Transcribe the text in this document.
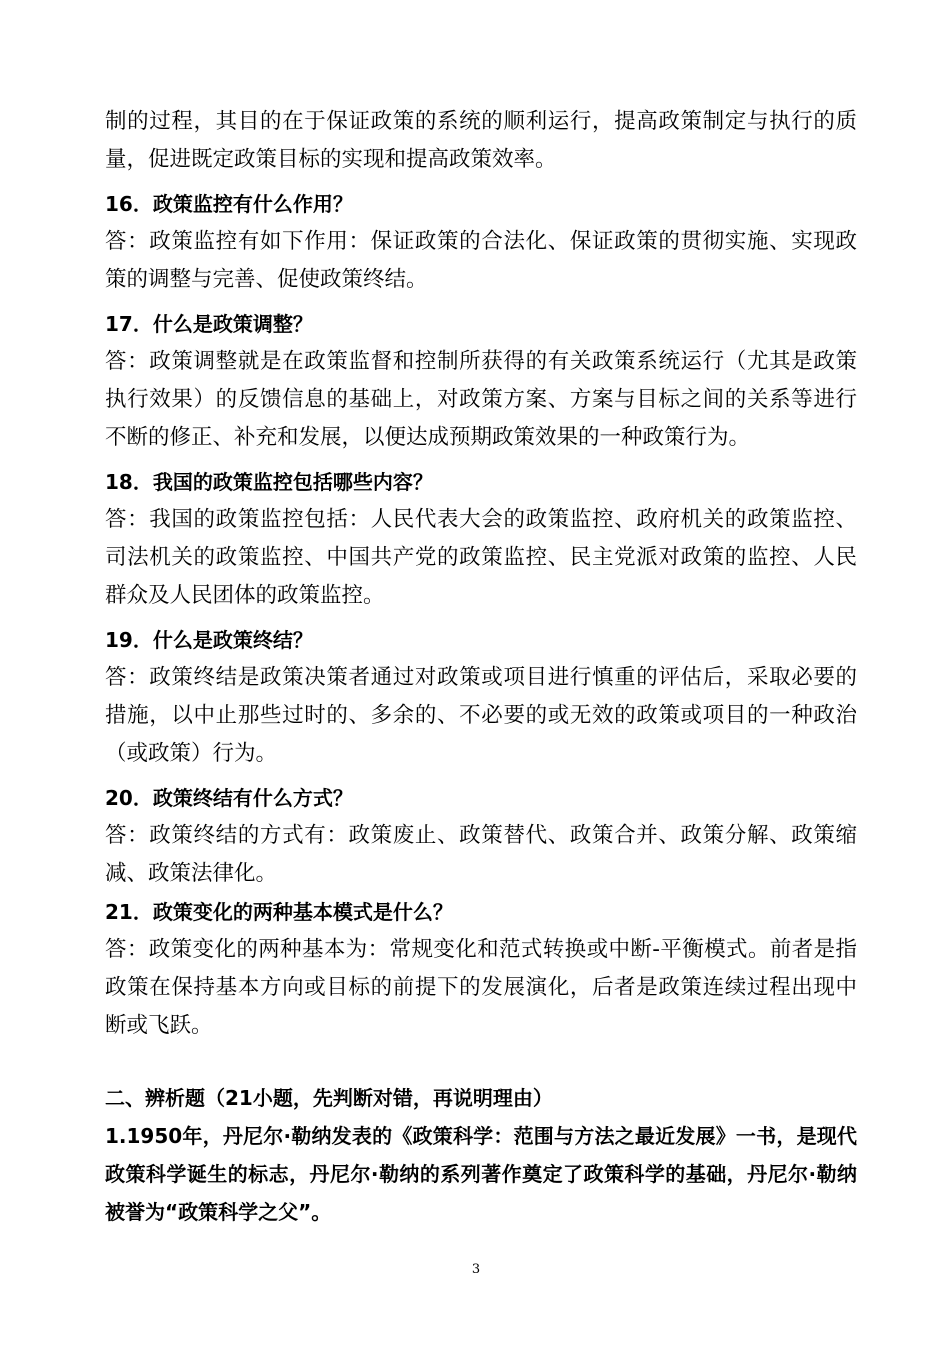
制的过程，其目的在于保证政策的系统的顺利运行，提高政策制定与执行的质量，促进既定政策目标的实现和提高政策效率。

16．政策监控有什么作用？

答：政策监控有如下作用：保证政策的合法化、保证政策的贯彻实施、实现政策的调整与完善、促使政策终结。

17．什么是政策调整？

答：政策调整就是在政策监督和控制所获得的有关政策系统运行（尤其是政策执行效果）的反馈信息的基础上，对政策方案、方案与目标之间的关系等进行不断的修正、补充和发展，以便达成预期政策效果的一种政策行为。

18．我国的政策监控包括哪些内容？

答：我国的政策监控包括：人民代表大会的政策监控、政府机关的政策监控、司法机关的政策监控、中国共产党的政策监控、民主党派对政策的监控、人民群众及人民团体的政策监控。

19．什么是政策终结？

答：政策终结是政策决策者通过对政策或项目进行慎重的评估后，采取必要的措施，以中止那些过时的、多余的、不必要的或无效的政策或项目的一种政治（或政策）行为。

20．政策终结有什么方式？

答：政策终结的方式有：政策废止、政策替代、政策合并、政策分解、政策缩减、政策法律化。

21．政策变化的两种基本模式是什么？

答：政策变化的两种基本为：常规变化和范式转换或中断-平衡模式。前者是指政策在保持基本方向或目标的前提下的发展演化，后者是政策连续过程出现中断或飞跃。

二、辨析题（21小题，先判断对错，再说明理由）

1.1950年，丹尼尔·勒纳发表的《政策科学：范围与方法之最近发展》一书，是现代政策科学诞生的标志，丹尼尔·勒纳的系列著作奠定了政策科学的基础，丹尼尔·勒纳被誉为“政策科学之父”。

3
